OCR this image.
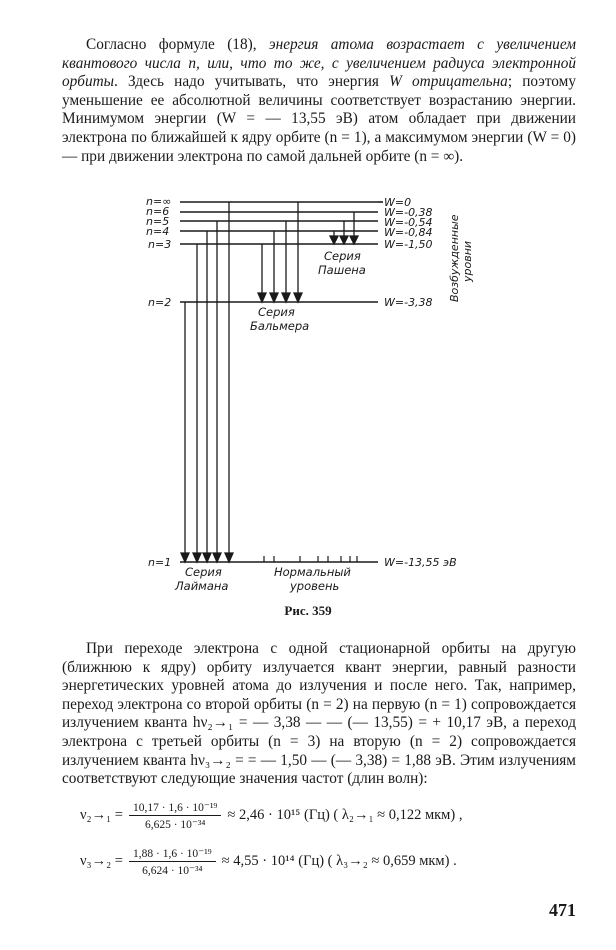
Согласно формуле (18), энергия атома возрастает с увеличением квантового числа n, или, что то же, с увеличением радиуса электронной орбиты. Здесь надо учитывать, что энергия W отрицательна; поэтому уменьшение ее абсолютной величины соответствует возрастанию энергии. Минимумом энергии (W = — 13,55 эВ) атом обладает при движении электрона по ближайшей к ядру орбите (n = 1), а максимумом энергии (W = 0) — при движении электрона по самой дальней орбите (n = ∞).

n=∞
n=6
n=5
n=4
n=3
n=2
n=1
W=0
W=-0,38
W=-0,54
W=-0,84
W=-1,50
W=-3,38
W=-13,55 эВ
Возбужденные уровни
Серия
Пашена
Серия
Бальмера
Серия
Лаймана
Нормальный
уровень
Рис. 359

При переходе электрона с одной стационарной орбиты на другую (ближнюю к ядру) орбиту излучается квант энергии, равный разности энергетических уровней атома до излучения и после него. Так, например, переход электрона со второй орбиты (n = 2) на первую (n = 1) сопровождается излучением кванта hν₂→₁ = — 3,38 — — (— 13,55) = + 10,17 эВ, а переход электрона с третьей орбиты (n = 3) на вторую (n = 2) сопровождается излучением кванта hν₃→₂ = = — 1,50 — (— 3,38) = 1,88 эВ. Этим излучениям соответствуют следующие значения частот (длин волн):

$\nu_2\to_1 = \frac{\text{10,17 · 1,6 · 10⁻¹⁹}}{\text{6,625 · 10⁻³⁴}} \approx 2,46 \cdot 10^{15}$ (Гц) ( λ₂→₁ ≈ 0,122 мкм) ,
$\nu_3\to_2 = \frac{\text{1,88 · 1,6 · 10⁻¹⁹}}{\text{6,624 · 10⁻³⁴}} \approx 4,55 \cdot 10^{14}$ (Гц) ( λ₃→₂ ≈ 0,659 мкм) .
471
